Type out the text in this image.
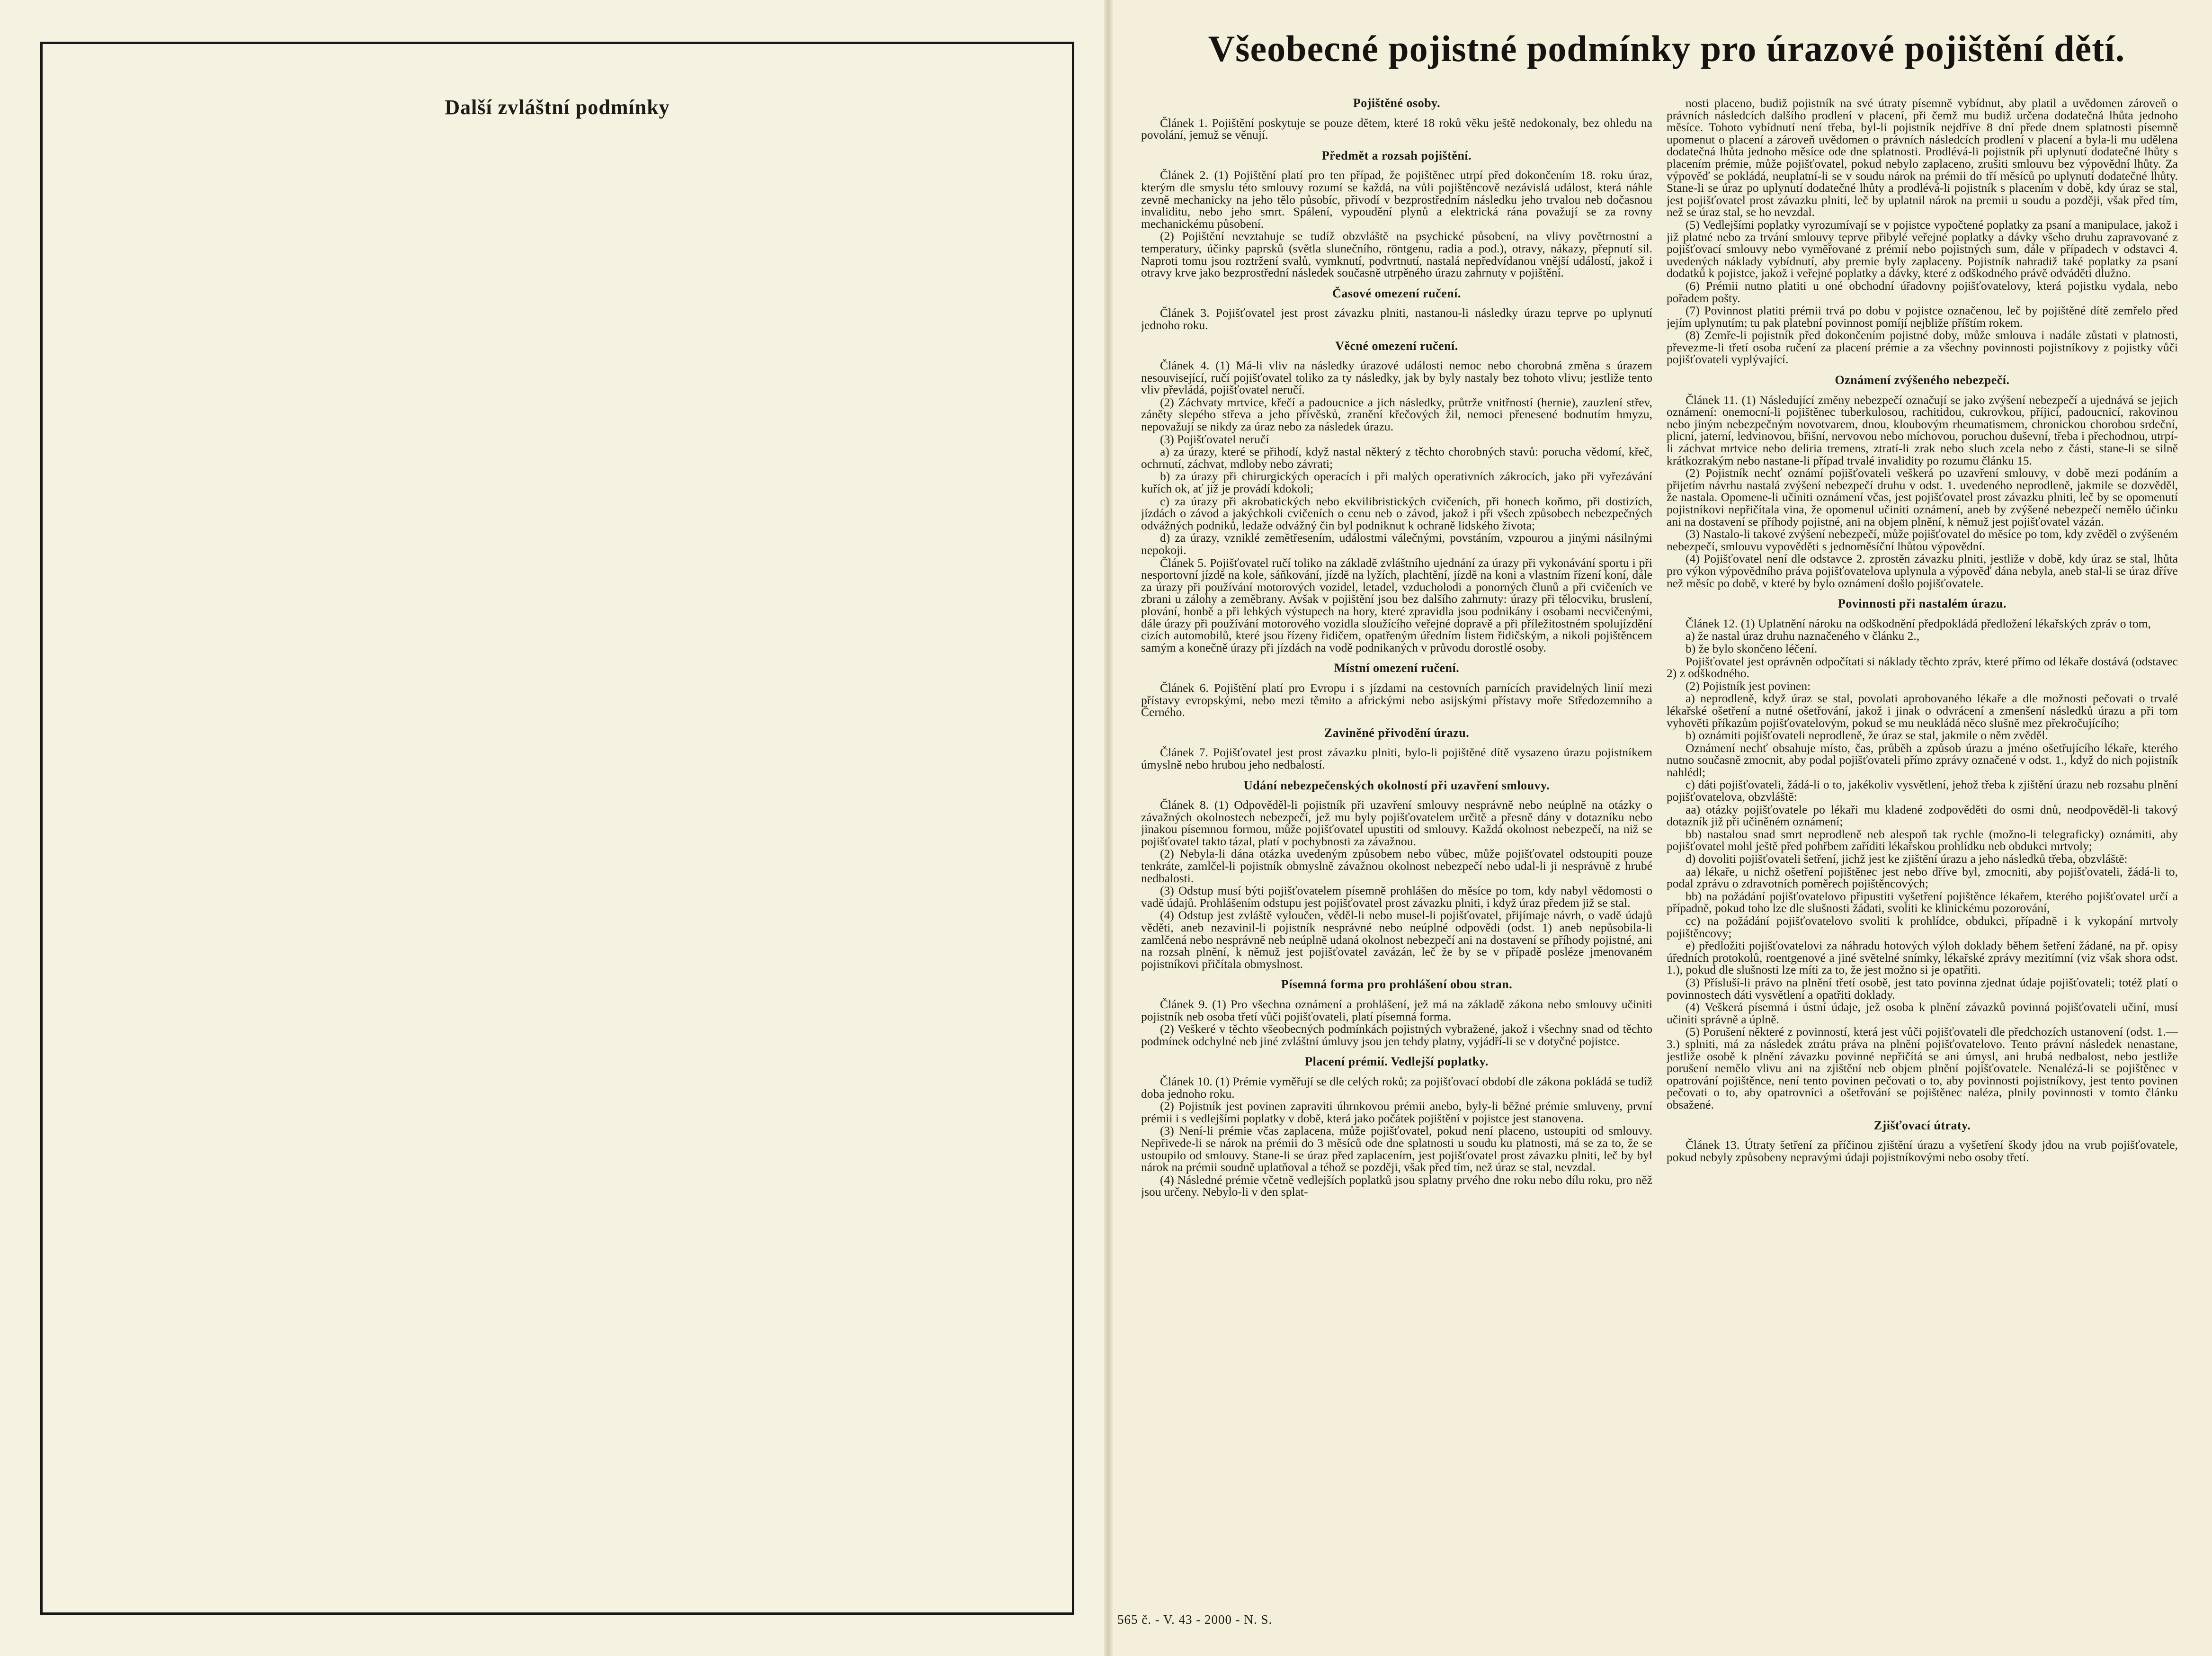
Další zvláštní podmínky
Všeobecné pojistné podmínky pro úrazové pojištění dětí.
Pojištěné osoby.

Článek 1. Pojištění poskytuje se pouze dětem, které 18 roků věku ještě nedokonaly, bez ohledu na povolání, jemuž se věnují.

Předmět a rozsah pojištění.

Článek 2. (1) Pojištění platí pro ten případ, že pojištěnec utrpí před dokončením 18. roku úraz, kterým dle smyslu této smlouvy rozumí se každá, na vůli pojištěncově nezávislá událost, která náhle zevně mechanicky na jeho tělo působíc, přivodí v bezprostředním následku jeho trvalou neb dočasnou invaliditu, nebo jeho smrt. Spálení, vypoudění plynů a elektrická rána považují se za rovny mechanickému působení.

(2) Pojištění nevztahuje se tudíž obzvláště na psychické působení, na vlivy povětrnostní a temperatury, účinky paprsků (světla slunečního, röntgenu, radia a pod.), otravy, nákazy, přepnutí sil. Naproti tomu jsou roztržení svalů, vymknutí, podvrtnutí, nastalá nepředvídanou vnější událostí, jakož i otravy krve jako bezprostřední následek současně utrpěného úrazu zahrnuty v pojištění.

Časové omezení ručení.

Článek 3. Pojišťovatel jest prost závazku plniti, nastanou-li následky úrazu teprve po uplynutí jednoho roku.

Věcné omezení ručení.

Článek 4. (1) Má-li vliv na následky úrazové události nemoc nebo chorobná změna s úrazem nesouvisející, ručí pojišťovatel toliko za ty následky, jak by byly nastaly bez tohoto vlivu; jestliže tento vliv převládá, pojišťovatel neručí.

(2) Záchvaty mrtvice, křečí a padoucnice a jich následky, průtrže vnitřností (hernie), zauzlení střev, záněty slepého střeva a jeho přívěsků, zranění křečových žil, nemoci přenesené bodnutím hmyzu, nepovažují se nikdy za úraz nebo za následek úrazu.

(3) Pojišťovatel neručí

a) za úrazy, které se přihodí, když nastal některý z těchto chorobných stavů: porucha vědomí, křeč, ochrnutí, záchvat, mdloby nebo závrati;

b) za úrazy při chirurgických operacích i při malých operativních zákrocích, jako při vyřezávání kuřích ok, ať již je provádí kdokoli;

c) za úrazy při akrobatických nebo ekvilibristických cvičeních, při honech koňmo, při dostizích, jízdách o závod a jakýchkoli cvičeních o cenu neb o závod, jakož i při všech způsobech nebezpečných odvážných podniků, ledaže odvážný čin byl podniknut k ochraně lidského života;

d) za úrazy, vzniklé zemětřesením, událostmi válečnými, povstáním, vzpourou a jinými násilnými nepokoji.

Článek 5. Pojišťovatel ručí toliko na základě zvláštního ujednání za úrazy při vykonávání sportu i při nesportovní jízdě na kole, sáňkování, jízdě na lyžích, plachtění, jízdě na koni a vlastním řízení koní, dále za úrazy při používání motorových vozidel, letadel, vzducholodi a ponorných člunů a při cvičeních ve zbrani u zálohy a zeměbrany. Avšak v pojištění jsou bez dalšího zahrnuty: úrazy při tělocviku, bruslení, plování, honbě a při lehkých výstupech na hory, které zpravidla jsou podnikány i osobami necvičenými, dále úrazy při používání motorového vozidla sloužícího veřejné dopravě a při příležitostném spolujízdění cizích automobilů, které jsou řízeny řidičem, opatřeným úředním listem řidičským, a nikoli pojištěncem samým a konečně úrazy při jízdách na vodě podnikaných v průvodu dorostlé osoby.

Místní omezení ručení.

Článek 6. Pojištění platí pro Evropu i s jízdami na cestovních parnících pravidelných linií mezi přístavy evropskými, nebo mezi těmito a africkými nebo asijskými přístavy moře Středozemního a Černého.

Zaviněné přivodění úrazu.

Článek 7. Pojišťovatel jest prost závazku plniti, bylo-li pojištěné dítě vysazeno úrazu pojistníkem úmyslně nebo hrubou jeho nedbalostí.

Udání nebezpečenských okolností při uzavření smlouvy.

Článek 8. (1) Odpověděl-li pojistník při uzavření smlouvy nesprávně nebo neúplně na otázky o závažných okolnostech nebezpečí, jež mu byly pojišťovatelem určitě a přesně dány v dotazníku nebo jinakou písemnou formou, může pojišťovatel upustiti od smlouvy. Každá okolnost nebezpečí, na niž se pojišťovatel takto tázal, platí v pochybnosti za závažnou.

(2) Nebyla-li dána otázka uvedeným způsobem nebo vůbec, může pojišťovatel odstoupiti pouze tenkráte, zamlčel-li pojistník obmyslně závažnou okolnost nebezpečí nebo udal-li ji nesprávně z hrubé nedbalosti.

(3) Odstup musí býti pojišťovatelem písemně prohlášen do měsíce po tom, kdy nabyl vědomosti o vadě údajů. Prohlášením odstupu jest pojišťovatel prost závazku plniti, i když úraz předem již se stal.

(4) Odstup jest zvláště vyloučen, věděl-li nebo musel-li pojišťovatel, přijímaje návrh, o vadě údajů věděti, aneb nezavinil-li pojistník nesprávné nebo neúplné odpovědi (odst. 1) aneb nepůsobila-li zamlčená nebo nesprávně neb neúplně udaná okolnost nebezpečí ani na dostavení se příhody pojistné, ani na rozsah plnění, k němuž jest pojišťovatel zavázán, leč že by se v případě posléze jmenovaném pojistníkovi přičítala obmyslnost.

Písemná forma pro prohlášení obou stran.

Článek 9. (1) Pro všechna oznámení a prohlášení, jež má na základě zákona nebo smlouvy učiniti pojistník neb osoba třetí vůči pojišťovateli, platí písemná forma.

(2) Veškeré v těchto všeobecných podmínkách pojistných vybražené, jakož i všechny snad od těchto podmínek odchylné neb jiné zvláštní úmluvy jsou jen tehdy platny, vyjádří-li se v dotyčné pojistce.

Placení prémií. Vedlejší poplatky.

Článek 10. (1) Prémie vyměřují se dle celých roků; za pojišťovací období dle zákona pokládá se tudíž doba jednoho roku.

(2) Pojistník jest povinen zapraviti úhrnkovou prémii anebo, byly-li běžné prémie smluveny, první prémii i s vedlejšími poplatky v době, která jako počátek pojištění v pojistce jest stanovena.

(3) Není-li prémie včas zaplacena, může pojišťovatel, pokud není placeno, ustoupiti od smlouvy. Nepřivede-li se nárok na prémii do 3 měsíců ode dne splatnosti u soudu ku platnosti, má se za to, že se ustoupilo od smlouvy. Stane-li se úraz před zaplacením, jest pojišťovatel prost závazku plniti, leč by byl nárok na prémii soudně uplatňoval a téhož se později, však před tím, než úraz se stal, nevzdal.

(4) Následné prémie včetně vedlejších poplatků jsou splatny prvého dne roku nebo dílu roku, pro něž jsou určeny. Nebylo-li v den splat-

nosti placeno, budiž pojistník na své útraty písemně vybídnut, aby platil a uvědomen zároveň o právních následcích dalšího prodlení v placení, při čemž mu budiž určena dodatečná lhůta jednoho měsíce. Tohoto vybídnutí není třeba, byl-li pojistník nejdříve 8 dní přede dnem splatnosti písemně upomenut o placení a zároveň uvědomen o právních následcích prodlení v placení a byla-li mu udělena dodatečná lhůta jednoho měsíce ode dne splatnosti. Prodlévá-li pojistník při uplynutí dodatečné lhůty s placením prémie, může pojišťovatel, pokud nebylo zaplaceno, zrušiti smlouvu bez výpovědní lhůty. Za výpověď se pokládá, neuplatní-li se v soudu nárok na prémii do tří měsíců po uplynutí dodatečné lhůty. Stane-li se úraz po uplynutí dodatečné lhůty a prodlévá-li pojistník s placením v době, kdy úraz se stal, jest pojišťovatel prost závazku plniti, leč by uplatnil nárok na premii u soudu a později, však před tím, než se úraz stal, se ho nevzdal.

(5) Vedlejšími poplatky vyrozumívají se v pojistce vypočtené poplatky za psaní a manipulace, jakož i již platné nebo za trvání smlouvy teprve přibylé veřejné poplatky a dávky všeho druhu zapravované z pojišťovací smlouvy nebo vyměřované z prémií nebo pojistných sum, dále v případech v odstavci 4. uvedených náklady vybídnutí, aby premie byly zaplaceny. Pojistník nahradiž také poplatky za psaní dodatků k pojistce, jakož i veřejné poplatky a dávky, které z odškodného právě odváděti dlužno.

(6) Prémii nutno platiti u oné obchodní úřadovny pojišťovatelovy, která pojistku vydala, nebo pořadem pošty.

(7) Povinnost platiti prémii trvá po dobu v pojistce označenou, leč by pojištěné dítě zemřelo před jejím uplynutím; tu pak platební povinnost pomíjí nejbliže příštím rokem.

(8) Zemře-li pojistník před dokončením pojistné doby, může smlouva i nadále zůstati v platnosti, převezme-li třetí osoba ručení za placení prémie a za všechny povinnosti pojistníkovy z pojistky vůči pojišťovateli vyplývající.

Oznámení zvýšeného nebezpečí.

Článek 11. (1) Následující změny nebezpečí označují se jako zvýšení nebezpečí a ujednává se jejich oznámení: onemocní-li pojištěnec tuberkulosou, rachitidou, cukrovkou, příjicí, padoucnicí, rakovinou nebo jiným nebezpečným novotvarem, dnou, kloubovým rheumatismem, chronickou chorobou srdeční, plicní, jaterní, ledvinovou, břišní, nervovou nebo míchovou, poruchou duševní, třeba i přechodnou, utrpí-li záchvat mrtvice nebo deliria tremens, ztratí-li zrak nebo sluch zcela nebo z části, stane-li se silně krátkozrakým nebo nastane-li případ trvalé invalidity po rozumu článku 15.

(2) Pojistník nechť oznámí pojišťovateli veškerá po uzavření smlouvy, v době mezi podáním a přijetím návrhu nastalá zvýšení nebezpečí druhu v odst. 1. uvedeného neprodleně, jakmile se dozvěděl, že nastala. Opomene-li učiniti oznámení včas, jest pojišťovatel prost závazku plniti, leč by se opomenutí pojistníkovi nepřičítala vina, že opomenul učiniti oznámení, aneb by zvýšené nebezpečí nemělo účinku ani na dostavení se příhody pojistné, ani na objem plnění, k němuž jest pojišťovatel vázán.

(3) Nastalo-li takové zvýšení nebezpečí, může pojišťovatel do měsíce po tom, kdy zvěděl o zvýšeném nebezpečí, smlouvu vypověděti s jednoměsíční lhůtou výpovědní.

(4) Pojišťovatel není dle odstavce 2. zprostěn závazku plniti, jestliže v době, kdy úraz se stal, lhůta pro výkon výpovědního práva pojišťovatelova uplynula a výpověď dána nebyla, aneb stal-li se úraz dříve než měsíc po době, v které by bylo oznámení došlo pojišťovatele.

Povinnosti při nastalém úrazu.

Článek 12. (1) Uplatnění nároku na odškodnění předpokládá předložení lékařských zpráv o tom,

a) že nastal úraz druhu naznačeného v článku 2.,

b) že bylo skončeno léčení.

Pojišťovatel jest oprávněn odpočítati si náklady těchto zpráv, které přímo od lékaře dostává (odstavec 2) z odškodného.

(2) Pojistník jest povinen:

a) neprodleně, když úraz se stal, povolati aprobovaného lékaře a dle možnosti pečovati o trvalé lékařské ošetření a nutné ošetřování, jakož i jinak o odvrácení a zmenšení následků úrazu a při tom vyhověti příkazům pojišťovatelovým, pokud se mu neukládá něco slušně mez překročujícího;

b) oznámiti pojišťovateli neprodleně, že úraz se stal, jakmile o něm zvěděl.

Oznámení nechť obsahuje místo, čas, průběh a způsob úrazu a jméno ošetřujícího lékaře, kterého nutno současně zmocnit, aby podal pojišťovateli přímo zprávy označené v odst. 1., když do nich pojistník nahlédl;

c) dáti pojišťovateli, žádá-li o to, jakékoliv vysvětlení, jehož třeba k zjištění úrazu neb rozsahu plnění pojišťovatelova, obzvláště:

aa) otázky pojišťovatele po lékaři mu kladené zodpověděti do osmi dnů, neodpověděl-li takový dotazník již při učiněném oznámení;

bb) nastalou snad smrt neprodleně neb alespoň tak rychle (možno-li telegraficky) oznámiti, aby pojišťovatel mohl ještě před pohřbem zaříditi lékařskou prohlídku neb obdukci mrtvoly;

d) dovoliti pojišťovateli šetření, jichž jest ke zjištění úrazu a jeho následků třeba, obzvláště:

aa) lékaře, u nichž ošetření pojištěnec jest nebo dříve byl, zmocniti, aby pojišťovateli, žádá-li to, podal zprávu o zdravotních poměrech pojištěncových;

bb) na požádání pojišťovatelovo připustiti vyšetření pojištěnce lékařem, kterého pojišťovatel určí a případně, pokud toho lze dle slušnosti žádati, svoliti ke klinickému pozorování,

cc) na požádání pojišťovatelovo svoliti k prohlídce, obdukci, případně i k vykopání mrtvoly pojištěncovy;

e) předložiti pojišťovatelovi za náhradu hotových výloh doklady během šetření žádané, na př. opisy úředních protokolů, roentgenové a jiné světelné snímky, lékařské zprávy mezitímní (viz však shora odst. 1.), pokud dle slušnosti lze míti za to, že jest možno si je opatřiti.

(3) Přísluší-li právo na plnění třetí osobě, jest tato povinna zjednat údaje pojišťovateli; totéž platí o povinnostech dáti vysvětlení a opatřiti doklady.

(4) Veškerá písemná i ústní údaje, jež osoba k plnění závazků povinná pojišťovateli učiní, musí učiniti správně a úplně.

(5) Porušení některé z povinností, která jest vůči pojišťovateli dle předchozích ustanovení (odst. 1.—3.) splniti, má za následek ztrátu práva na plnění pojišťovatelovo. Tento právní následek nenastane, jestliže osobě k plnění závazku povinné nepřičítá se ani úmysl, ani hrubá nedbalost, nebo jestliže porušení nemělo vlivu ani na zjištění neb objem plnění pojišťovatele. Nenalézá-li se pojištěnec v opatrování pojištěnce, není tento povinen pečovati o to, aby povinnosti pojistníkovy, jest tento povinen pečovati o to, aby opatrovníci a ošetřování se pojištěnec naléza, plnily povinnosti v tomto článku obsažené.

Zjišťovací útraty.

Článek 13. Útraty šetření za příčinou zjištění úrazu a vyšetření škody jdou na vrub pojišťovatele, pokud nebyly způsobeny nepravými údaji pojistníkovými nebo osoby třetí.

565 č. - V. 43 - 2000 - N. S.
